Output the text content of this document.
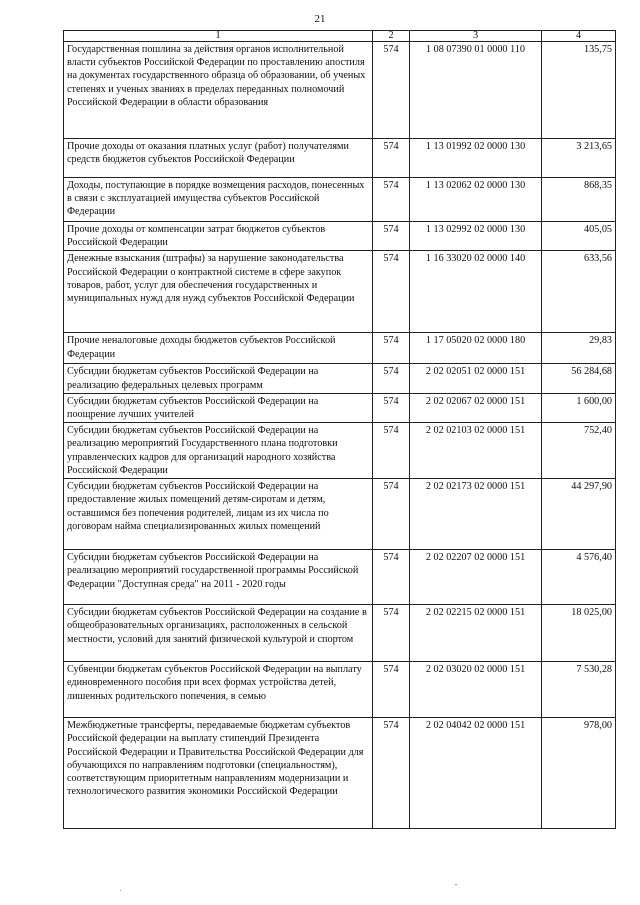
21
1	2	3	4
Государственная пошлина за действия органов исполнительной власти субъектов Российской Федерации по проставлению апостиля на документах государственного образца об образовании, об ученых степенях и ученых званиях в пределах переданных полномочий Российской Федерации в области образования	574	1 08 07390 01 0000 110	135,75
Прочие доходы от оказания платных услуг (работ) получателями средств бюджетов субъектов Российской Федерации	574	1 13 01992 02 0000 130	3 213,65
Доходы, поступающие в порядке возмещения расходов, понесенных в связи с эксплуатацией имущества субъектов Российской Федерации	574	1 13 02062 02 0000 130	868,35
Прочие доходы от компенсации затрат бюджетов субъектов Российской Федерации	574	1 13 02992 02 0000 130	405,05
Денежные взыскания (штрафы) за нарушение законодательства Российской Федерации о контрактной системе в сфере закупок товаров, работ, услуг для обеспечения государственных и муниципальных нужд для нужд субъектов Российской Федерации	574	1 16 33020 02 0000 140	633,56
Прочие неналоговые доходы бюджетов субъектов Российской Федерации	574	1 17 05020 02 0000 180	29,83
Субсидии бюджетам субъектов Российской Федерации на реализацию федеральных целевых программ	574	2 02 02051 02 0000 151	56 284,68
Субсидии бюджетам субъектов Российской Федерации на поощрение лучших учителей	574	2 02 02067 02 0000 151	1 600,00
Субсидии бюджетам субъектов Российской Федерации на реализацию мероприятий Государственного плана подготовки управленческих кадров для организаций народного хозяйства Российской Федерации	574	2 02 02103 02 0000 151	752,40
Субсидии бюджетам субъектов Российской Федерации на предоставление жилых помещений детям-сиротам и детям, оставшимся без попечения родителей, лицам из их числа по договорам найма специализированных жилых помещений	574	2 02 02173 02 0000 151	44 297,90
Субсидии бюджетам субъектов Российской Федерации на реализацию мероприятий государственной программы Российской Федерации "Доступная среда" на 2011 - 2020 годы	574	2 02 02207 02 0000 151	4 576,40
Субсидии бюджетам субъектов Российской Федерации на создание в общеобразовательных организациях, расположенных в сельской местности, условий для занятий физической культурой и спортом	574	2 02 02215 02 0000 151	18 025,00
Субвенции бюджетам субъектов Российской Федерации на выплату единовременного пособия при всех формах устройства детей, лишенных родительского попечения, в семью	574	2 02 03020 02 0000 151	7 530,28
Межбюджетные трансферты, передаваемые бюджетам субъектов Российской федерации на выплату стипендий Президента Российской Федерации и Правительства Российской Федерации для обучающихся по направлениям подготовки (специальностям), соответствующим приоритетным направлениям модернизации и технологического развития экономики Российской Федерации	574	2 02 04042 02 0000 151	978,00
